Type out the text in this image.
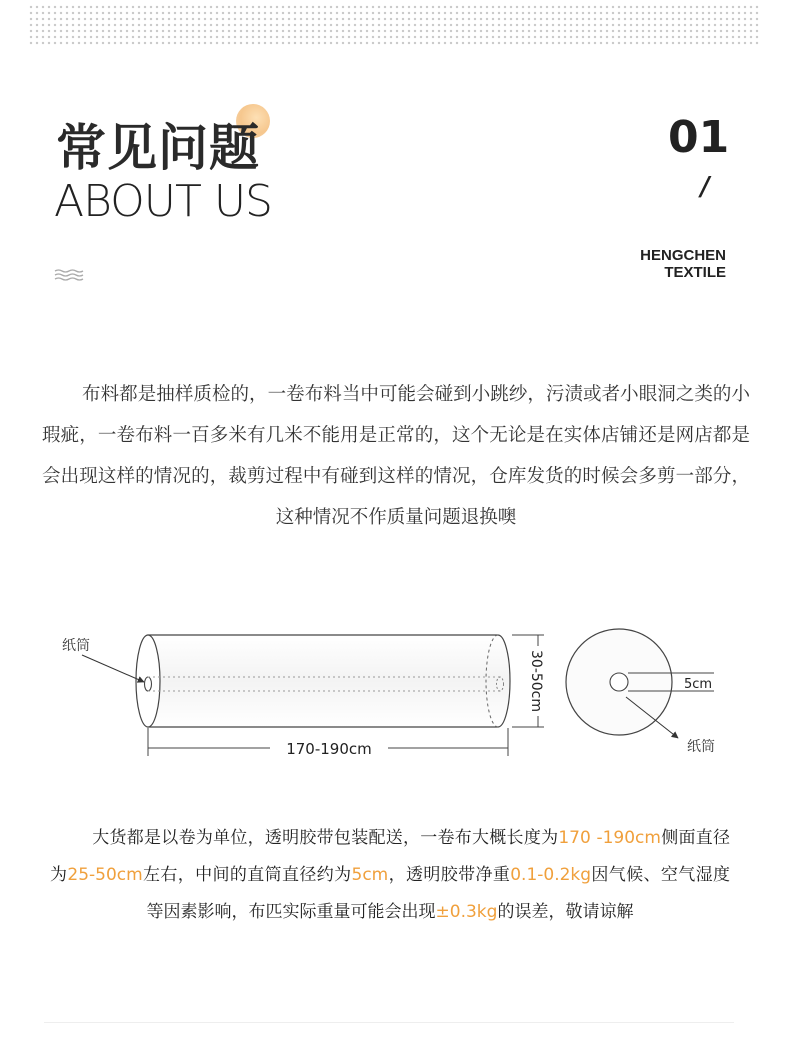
常见问题
ABOUT US
01
/
HENGCHEN
TEXTILE
布料都是抽样质检的，一卷布料当中可能会碰到小跳纱，污渍或者小眼洞之类的小瑕疵，一卷布料一百多米有几米不能用是正常的，这个无论是在实体店铺还是网店都是会出现这样的情况的，裁剪过程中有碰到这样的情况，仓库发货的时候会多剪一部分，这种情况不作质量问题退换噢
纸筒
170-190cm
30-50cm	5cm
纸筒
大货都是以卷为单位，透明胶带包装配送，一卷布大概长度为170 -190cm侧面直径为25-50cm左右，中间的直筒直径约为5cm，透明胶带净重0.1-0.2kg因气候、空气湿度等因素影响，布匹实际重量可能会出现±0.3kg的误差，敬请谅解
